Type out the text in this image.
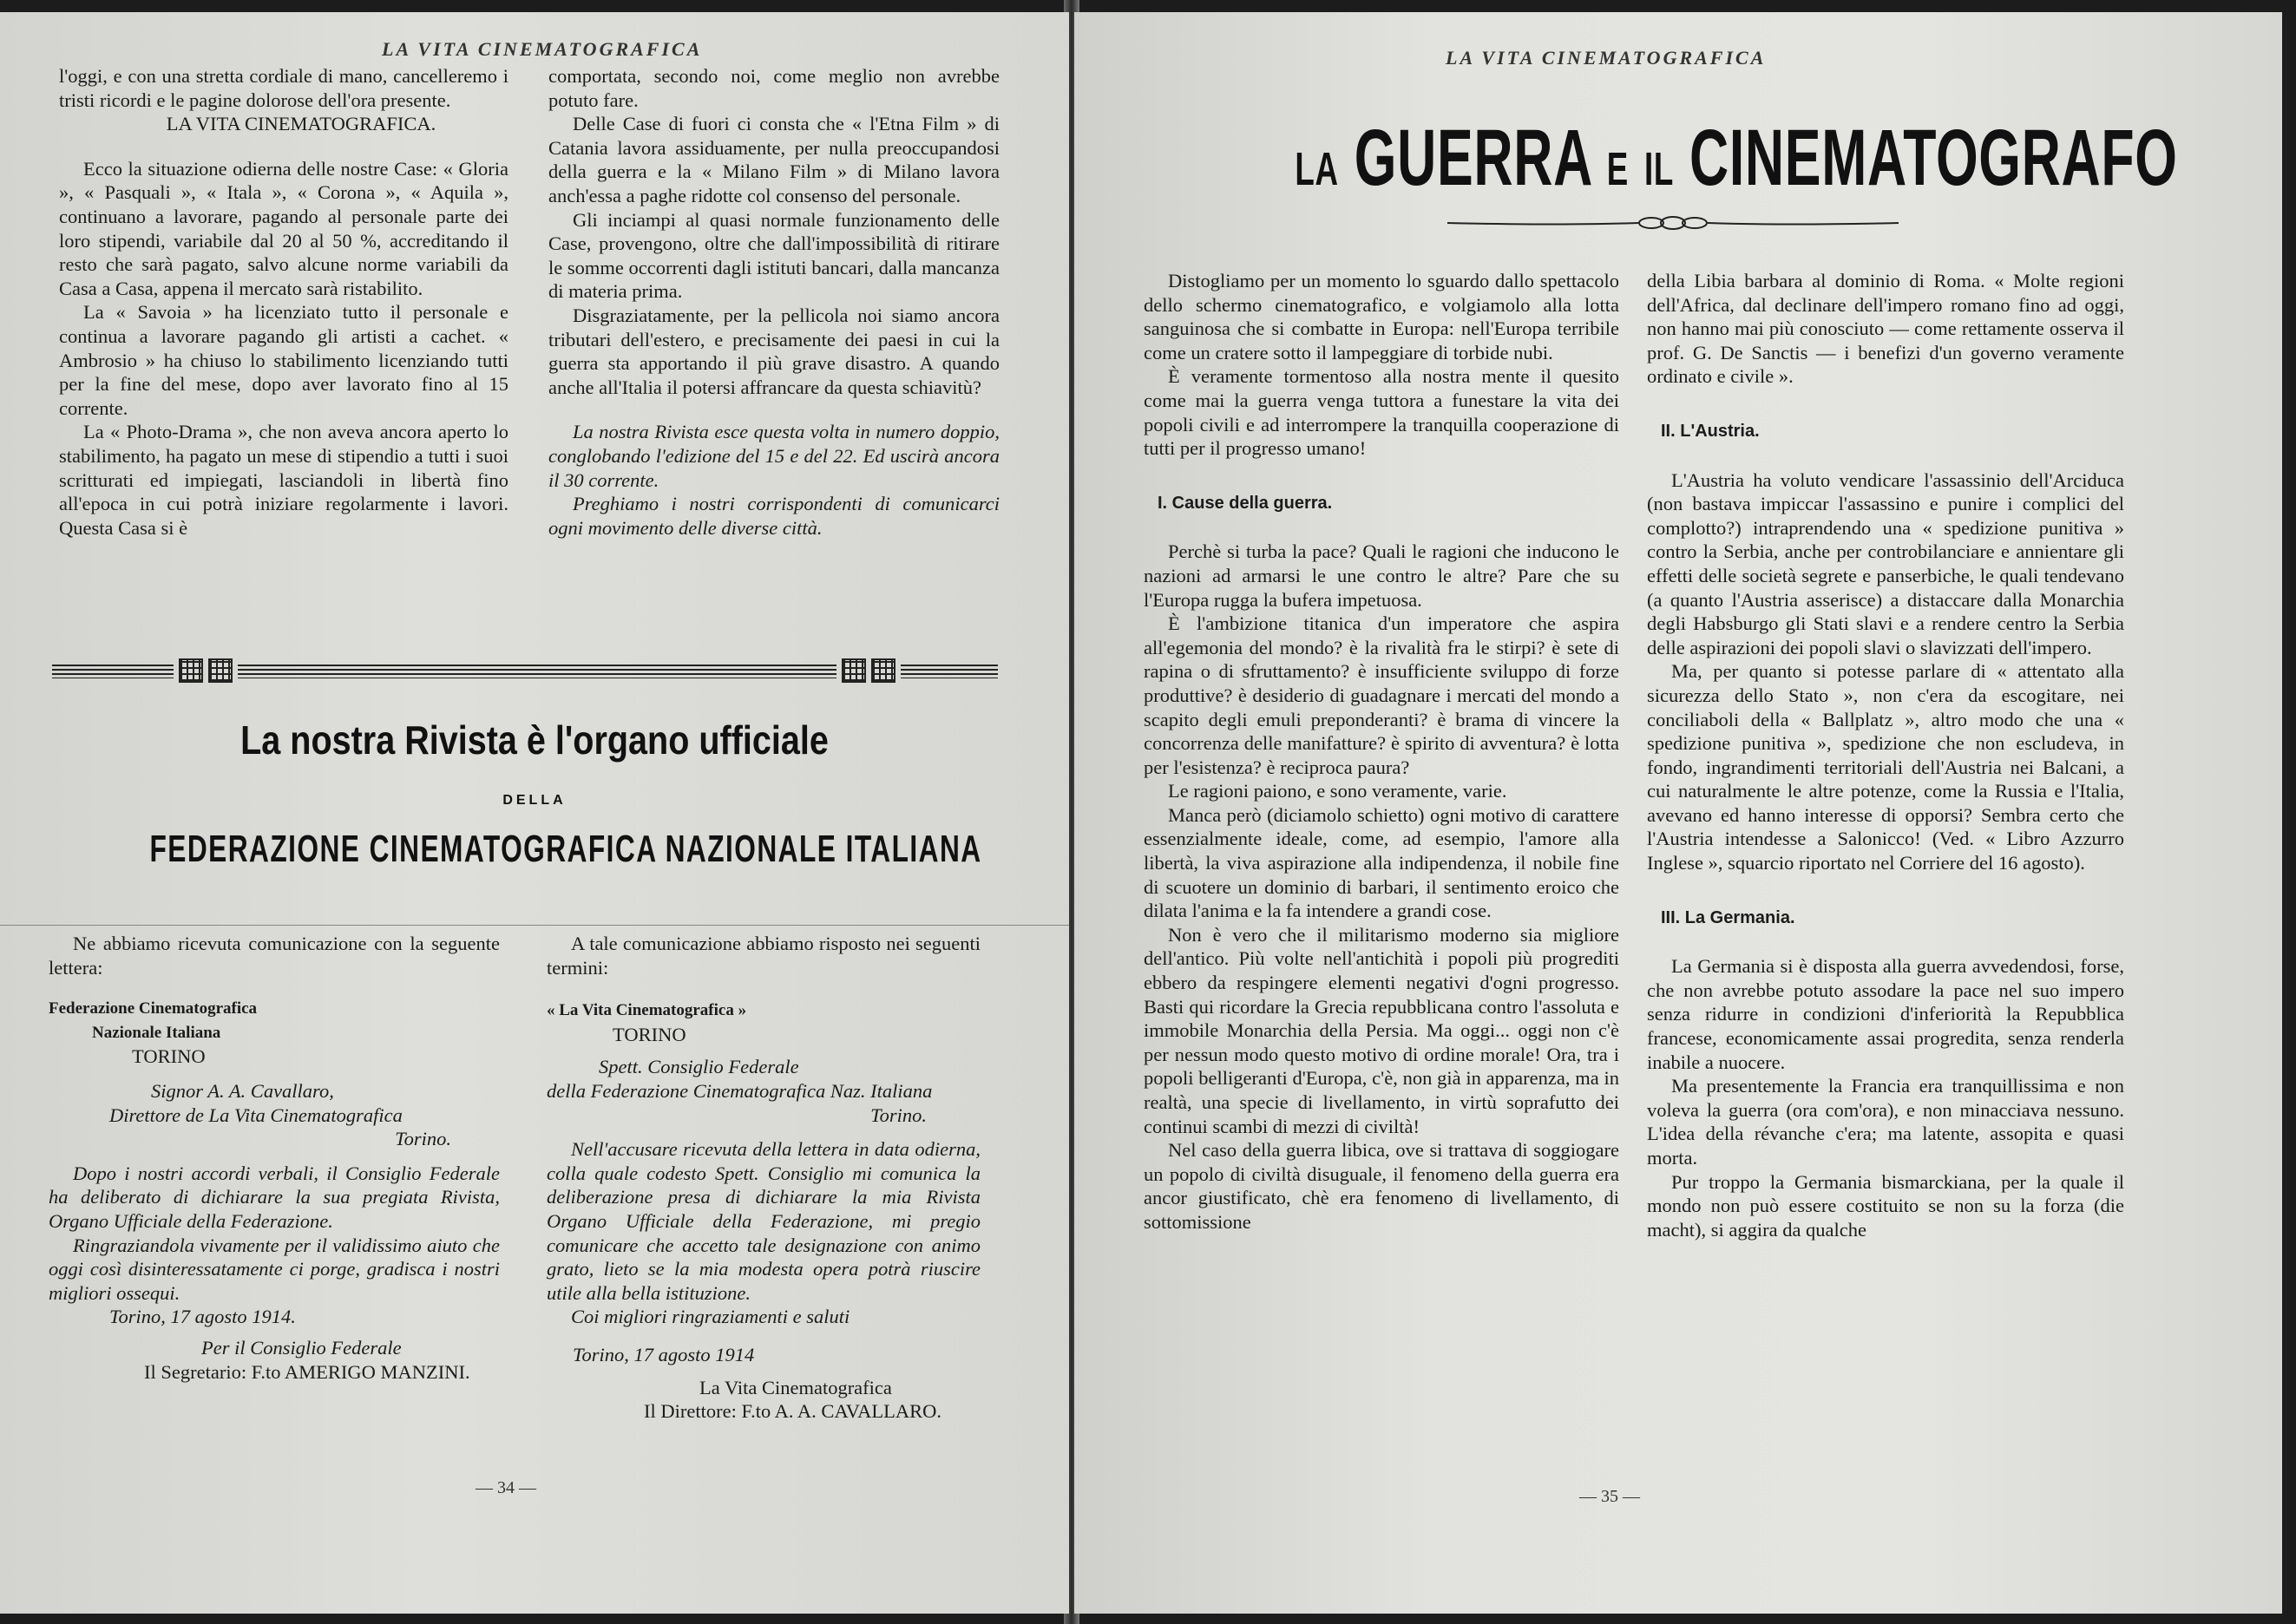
LA VITA CINEMATOGRAFICA

l'oggi, e con una stretta cordiale di mano, cancelleremo i tristi ricordi e le pagine dolorose dell'ora presente.

LA VITA CINEMATOGRAFICA.

Ecco la situazione odierna delle nostre Case: « Gloria », « Pasquali », « Itala », « Corona », « Aquila », continuano a lavorare, pagando al personale parte dei loro stipendi, variabile dal 20 al 50 %, accreditando il resto che sarà pagato, salvo alcune norme variabili da Casa a Casa, appena il mercato sarà ristabilito.

La « Savoia » ha licenziato tutto il personale e continua a lavorare pagando gli artisti a cachet. « Ambrosio » ha chiuso lo stabilimento licenziando tutti per la fine del mese, dopo aver lavorato fino al 15 corrente.

La « Photo-Drama », che non aveva ancora aperto lo stabilimento, ha pagato un mese di stipendio a tutti i suoi scritturati ed impiegati, lasciandoli in libertà fino all'epoca in cui potrà iniziare regolarmente i lavori. Questa Casa si è

comportata, secondo noi, come meglio non avrebbe potuto fare.

Delle Case di fuori ci consta che « l'Etna Film » di Catania lavora assiduamente, per nulla preoccupandosi della guerra e la « Milano Film » di Milano lavora anch'essa a paghe ridotte col consenso del personale.

Gli inciampi al quasi normale funzionamento delle Case, provengono, oltre che dall'impossibilità di ritirare le somme occorrenti dagli istituti bancari, dalla mancanza di materia prima.

Disgraziatamente, per la pellicola noi siamo ancora tributari dell'estero, e precisamente dei paesi in cui la guerra sta apportando il più grave disastro. A quando anche all'Italia il potersi affrancare da questa schiavitù?

La nostra Rivista esce questa volta in numero doppio, conglobando l'edizione del 15 e del 22. Ed uscirà ancora il 30 corrente.

Preghiamo i nostri corrispondenti di comunicarci ogni movimento delle diverse città.

La nostra Rivista è l'organo ufficiale
DELLA
FEDERAZIONE CINEMATOGRAFICA NAZIONALE ITALIANA

Ne abbiamo ricevuta comunicazione con la seguente lettera:

Federazione Cinematografica

Nazionale Italiana

TORINO

Signor A. A. Cavallaro,

Direttore de La Vita Cinematografica

Torino.

Dopo i nostri accordi verbali, il Consiglio Federale ha deliberato di dichiarare la sua pregiata Rivista, Organo Ufficiale della Federazione.

Ringraziandola vivamente per il validissimo aiuto che oggi così disinteressatamente ci porge, gradisca i nostri migliori ossequi.

Torino, 17 agosto 1914.

Per il Consiglio Federale

Il Segretario: F.to AMERIGO MANZINI.

A tale comunicazione abbiamo risposto nei seguenti termini:

« La Vita Cinematografica »

TORINO

Spett. Consiglio Federale

della Federazione Cinematografica Naz. Italiana

Torino.

Nell'accusare ricevuta della lettera in data odierna, colla quale codesto Spett. Consiglio mi comunica la deliberazione presa di dichiarare la mia Rivista Organo Ufficiale della Federazione, mi pregio comunicare che accetto tale designazione con animo grato, lieto se la mia modesta opera potrà riuscire utile alla bella istituzione.

Coi migliori ringraziamenti e saluti

Torino, 17 agosto 1914

La Vita Cinematografica

Il Direttore: F.to A. A. CAVALLARO.

— 34 —
LA VITA CINEMATOGRAFICA
LA GUERRA E IL CINEMATOGRAFO

Distogliamo per un momento lo sguardo dallo spettacolo dello schermo cinematografico, e volgiamolo alla lotta sanguinosa che si combatte in Europa: nell'Europa terribile come un cratere sotto il lampeggiare di torbide nubi.

È veramente tormentoso alla nostra mente il quesito come mai la guerra venga tuttora a funestare la vita dei popoli civili e ad interrompere la tranquilla cooperazione di tutti per il progresso umano!

I. Cause della guerra.

Perchè si turba la pace? Quali le ragioni che inducono le nazioni ad armarsi le une contro le altre? Pare che su l'Europa rugga la bufera impetuosa.

È l'ambizione titanica d'un imperatore che aspira all'egemonia del mondo? è la rivalità fra le stirpi? è sete di rapina o di sfruttamento? è insufficiente sviluppo di forze produttive? è desiderio di guadagnare i mercati del mondo a scapito degli emuli preponderanti? è brama di vincere la concorrenza delle manifatture? è spirito di avventura? è lotta per l'esistenza? è reciproca paura?

Le ragioni paiono, e sono veramente, varie.

Manca però (diciamolo schietto) ogni motivo di carattere essenzialmente ideale, come, ad esempio, l'amore alla libertà, la viva aspirazione alla indipendenza, il nobile fine di scuotere un dominio di barbari, il sentimento eroico che dilata l'anima e la fa intendere a grandi cose.

Non è vero che il militarismo moderno sia migliore dell'antico. Più volte nell'antichità i popoli più progrediti ebbero da respingere elementi negativi d'ogni progresso. Basti qui ricordare la Grecia repubblicana contro l'assoluta e immobile Monarchia della Persia. Ma oggi... oggi non c'è per nessun modo questo motivo di ordine morale! Ora, tra i popoli belligeranti d'Europa, c'è, non già in apparenza, ma in realtà, una specie di livellamento, in virtù soprafutto dei continui scambi di mezzi di civiltà!

Nel caso della guerra libica, ove si trattava di soggiogare un popolo di civiltà disuguale, il fenomeno della guerra era ancor giustificato, chè era fenomeno di livellamento, di sottomissione

della Libia barbara al dominio di Roma. « Molte regioni dell'Africa, dal declinare dell'impero romano fino ad oggi, non hanno mai più conosciuto — come rettamente osserva il prof. G. De Sanctis — i benefizi d'un governo veramente ordinato e civile ».

II. L'Austria.

L'Austria ha voluto vendicare l'assassinio dell'Arciduca (non bastava impiccar l'assassino e punire i complici del complotto?) intraprendendo una « spedizione punitiva » contro la Serbia, anche per controbilanciare e annientare gli effetti delle società segrete e panserbiche, le quali tendevano (a quanto l'Austria asserisce) a distaccare dalla Monarchia degli Habsburgo gli Stati slavi e a rendere centro la Serbia delle aspirazioni dei popoli slavi o slavizzati dell'impero.

Ma, per quanto si potesse parlare di « attentato alla sicurezza dello Stato », non c'era da escogitare, nei conciliaboli della « Ballplatz », altro modo che una « spedizione punitiva », spedizione che non escludeva, in fondo, ingrandimenti territoriali dell'Austria nei Balcani, a cui naturalmente le altre potenze, come la Russia e l'Italia, avevano ed hanno interesse di opporsi? Sembra certo che l'Austria intendesse a Salonicco! (Ved. « Libro Azzurro Inglese », squarcio riportato nel Corriere del 16 agosto).

III. La Germania.

La Germania si è disposta alla guerra avvedendosi, forse, che non avrebbe potuto assodare la pace nel suo impero senza ridurre in condizioni d'inferiorità la Repubblica francese, economicamente assai progredita, senza renderla inabile a nuocere.

Ma presentemente la Francia era tranquillissima e non voleva la guerra (ora com'ora), e non minacciava nessuno. L'idea della révanche c'era; ma latente, assopita e quasi morta.

Pur troppo la Germania bismarckiana, per la quale il mondo non può essere costituito se non su la forza (die macht), si aggira da qualche

— 35 —
